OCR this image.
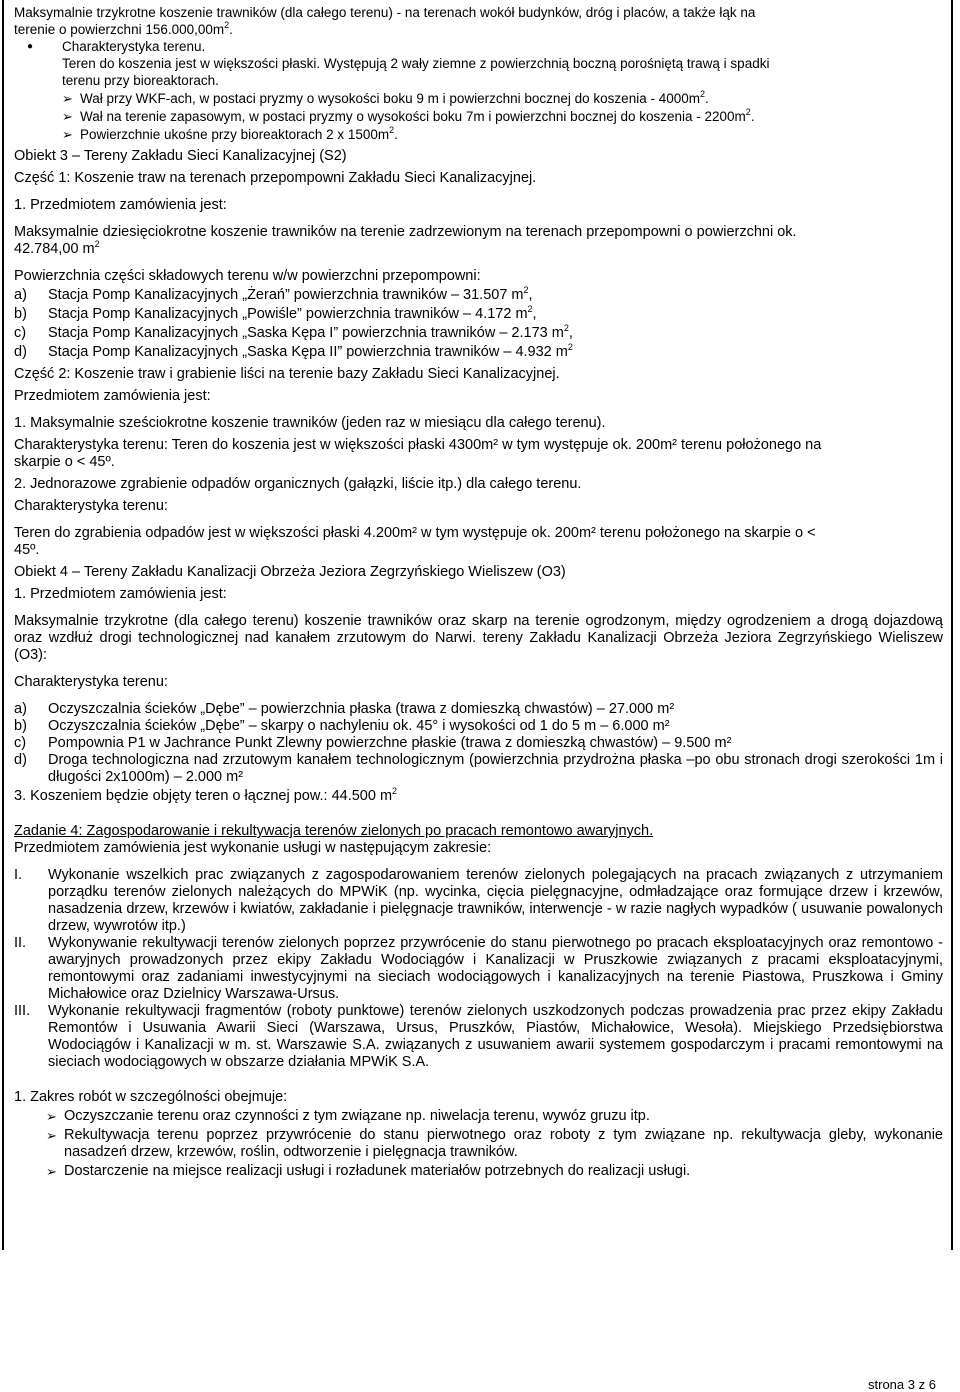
Maksymalnie trzykrotne koszenie trawników (dla całego terenu) - na terenach wokół budynków, dróg i placów, a także łąk na

terenie o powierzchni $156.000,00m^2$.

● Charakterystyka terenu.

Teren do koszenia jest w większości płaski. Występują 2 wały ziemne z powierzchnią boczną porośniętą trawą i spadki

terenu przy bioreaktorach.

➢ Wał przy WKF-ach, w postaci pryzmy o wysokości boku 9 m i powierzchni bocznej do koszenia - $4000m^2$.

➢ Wał na terenie zapasowym, w postaci pryzmy o wysokości boku 7m i powierzchni bocznej do koszenia - $2200m^2$.

➢ Powierzchnie ukośne przy bioreaktorach 2 x $1500m^2$.

Obiekt 3 – Tereny Zakładu Sieci Kanalizacyjnej (S2)

Część 1: Koszenie traw na terenach przepompowni Zakładu Sieci Kanalizacyjnej.

1. Przedmiotem zamówienia jest:

Maksymalnie dziesięciokrotne koszenie trawników na terenie zadrzewionym na terenach przepompowni o powierzchni ok.

42.784,00 $m^2$

Powierzchnia części składowych terenu w/w powierzchni przepompowni:

a) Stacja Pomp Kanalizacyjnych „Żerań” powierzchnia trawników – 31.507 $m^2$,

b) Stacja Pomp Kanalizacyjnych „Powiśle” powierzchnia trawników – 4.172 $m^2$,

c) Stacja Pomp Kanalizacyjnych „Saska Kępa I” powierzchnia trawników – 2.173 $m^2$,

d) Stacja Pomp Kanalizacyjnych „Saska Kępa II” powierzchnia trawników – 4.932 $m^2$

Część 2: Koszenie traw i grabienie liści na terenie bazy Zakładu Sieci Kanalizacyjnej.

Przedmiotem zamówienia jest:

1. Maksymalnie sześciokrotne koszenie trawników (jeden raz w miesiącu dla całego terenu).

Charakterystyka terenu: Teren do koszenia jest w większości płaski 4300m² w tym występuje ok. 200m² terenu położonego na

skarpie o < 45º.

2. Jednorazowe zgrabienie odpadów organicznych (gałązki, liście itp.) dla całego terenu.

Charakterystyka terenu:

Teren do zgrabienia odpadów jest w większości płaski 4.200m² w tym występuje ok. 200m² terenu położonego na skarpie o <

45º.

Obiekt 4 – Tereny Zakładu Kanalizacji Obrzeża Jeziora Zegrzyńskiego Wieliszew (O3)

1. Przedmiotem zamówienia jest:

Maksymalnie trzykrotne (dla całego terenu) koszenie trawników oraz skarp na terenie ogrodzonym, między ogrodzeniem a drogą dojazdową oraz wzdłuż drogi technologicznej nad kanałem zrzutowym do Narwi. tereny Zakładu Kanalizacji Obrzeża Jeziora Zegrzyńskiego Wieliszew (O3):

Charakterystyka terenu:

a) Oczyszczalnia ścieków „Dębe” – powierzchnia płaska (trawa z domieszką chwastów) – 27.000 m²

b) Oczyszczalnia ścieków „Dębe” – skarpy o nachyleniu ok. 45° i wysokości od 1 do 5 m – 6.000 m²

c) Pompownia P1 w Jachrance Punkt Zlewny powierzchne płaskie (trawa z domieszką chwastów) – 9.500 m²

d) Droga technologiczna nad zrzutowym kanałem technologicznym (powierzchnia przydrożna płaska –po obu stronach drogi szerokości 1m i długości 2x1000m) – 2.000 m²

3. Koszeniem będzie objęty teren o łącznej pow.: 44.500 $m^2$

Zadanie 4: Zagospodarowanie i rekultywacja terenów zielonych po pracach remontowo awaryjnych.

Przedmiotem zamówienia jest wykonanie usługi w następującym zakresie:

I. Wykonanie wszelkich prac związanych z zagospodarowaniem terenów zielonych polegających na pracach związanych z utrzymaniem porządku terenów zielonych należących do MPWiK (np. wycinka, cięcia pielęgnacyjne, odmładzające oraz formujące drzew i krzewów, nasadzenia drzew, krzewów i kwiatów, zakładanie i pielęgnacje trawników, interwencje - w razie nagłych wypadków ( usuwanie powalonych drzew, wywrotów itp.)

II. Wykonywanie rekultywacji terenów zielonych poprzez przywrócenie do stanu pierwotnego po pracach eksploatacyjnych oraz remontowo - awaryjnych prowadzonych przez ekipy Zakładu Wodociągów i Kanalizacji w Pruszkowie związanych z pracami eksploatacyjnymi, remontowymi oraz zadaniami inwestycyjnymi na sieciach wodociągowych i kanalizacyjnych na terenie Piastowa, Pruszkowa i Gminy Michałowice oraz Dzielnicy Warszawa-Ursus.

III. Wykonanie rekultywacji fragmentów (roboty punktowe) terenów zielonych uszkodzonych podczas prowadzenia prac przez ekipy Zakładu Remontów i Usuwania Awarii Sieci (Warszawa, Ursus, Pruszków, Piastów, Michałowice, Wesoła). Miejskiego Przedsiębiorstwa Wodociągów i Kanalizacji w m. st. Warszawie S.A. związanych z usuwaniem awarii systemem gospodarczym i pracami remontowymi na sieciach wodociągowych w obszarze działania MPWiK S.A.

1. Zakres robót w szczególności obejmuje:

➢ Oczyszczanie terenu oraz czynności z tym związane np. niwelacja terenu, wywóz gruzu itp.

➢ Rekultywacja terenu poprzez przywrócenie do stanu pierwotnego oraz roboty z tym związane np. rekultywacja gleby, wykonanie nasadzeń drzew, krzewów, roślin, odtworzenie i pielęgnacja trawników.

➢ Dostarczenie na miejsce realizacji usługi i rozładunek materiałów potrzebnych do realizacji usługi.

strona 3 z 6
